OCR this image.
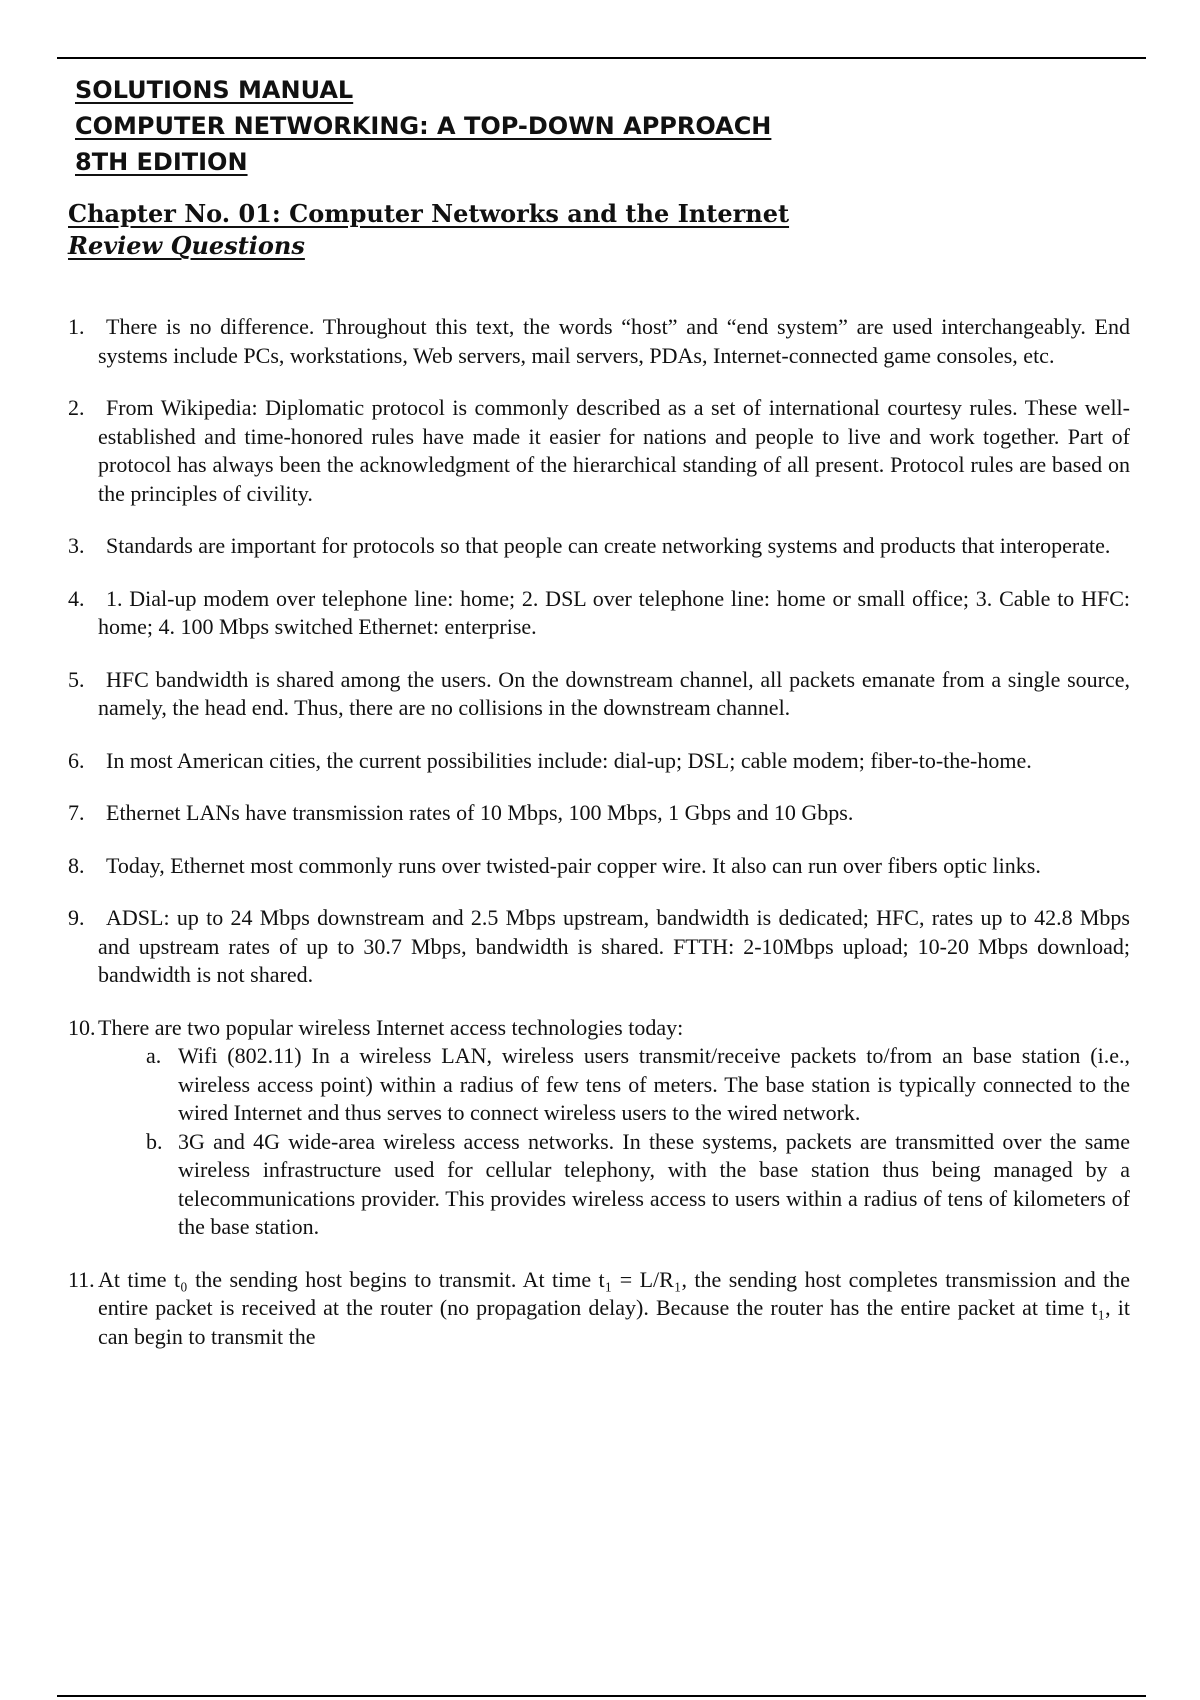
SOLUTIONS MANUAL
COMPUTER NETWORKING: A TOP-DOWN APPROACH
8TH EDITION
Chapter No. 01: Computer Networks and the Internet
Review Questions
1. There is no difference. Throughout this text, the words “host” and “end system” are used interchangeably. End systems include PCs, workstations, Web servers, mail servers, PDAs, Internet-connected game consoles, etc.
2. From Wikipedia: Diplomatic protocol is commonly described as a set of international courtesy rules. These well-established and time-honored rules have made it easier for nations and people to live and work together. Part of protocol has always been the acknowledgment of the hierarchical standing of all present. Protocol rules are based on the principles of civility.
3. Standards are important for protocols so that people can create networking systems and products that interoperate.
4. 1. Dial-up modem over telephone line: home; 2. DSL over telephone line: home or small office; 3. Cable to HFC: home; 4. 100 Mbps switched Ethernet: enterprise.
5. HFC bandwidth is shared among the users. On the downstream channel, all packets emanate from a single source, namely, the head end. Thus, there are no collisions in the downstream channel.
6. In most American cities, the current possibilities include: dial-up; DSL; cable modem; fiber-to-the-home.
7. Ethernet LANs have transmission rates of 10 Mbps, 100 Mbps, 1 Gbps and 10 Gbps.
8. Today, Ethernet most commonly runs over twisted-pair copper wire. It also can run over fibers optic links.
9. ADSL: up to 24 Mbps downstream and 2.5 Mbps upstream, bandwidth is dedicated; HFC, rates up to 42.8 Mbps and upstream rates of up to 30.7 Mbps, bandwidth is shared. FTTH: 2-10Mbps upload; 10-20 Mbps download; bandwidth is not shared.
10. There are two popular wireless Internet access technologies today:
a. Wifi (802.11) In a wireless LAN, wireless users transmit/receive packets to/from an base station (i.e., wireless access point) within a radius of few tens of meters. The base station is typically connected to the wired Internet and thus serves to connect wireless users to the wired network.
b. 3G and 4G wide-area wireless access networks. In these systems, packets are transmitted over the same wireless infrastructure used for cellular telephony, with the base station thus being managed by a telecommunications provider. This provides wireless access to users within a radius of tens of kilometers of the base station.
11. At time t₀ the sending host begins to transmit. At time t₁ = L/R₁, the sending host completes transmission and the entire packet is received at the router (no propagation delay). Because the router has the entire packet at time t₁, it can begin to transmit the
